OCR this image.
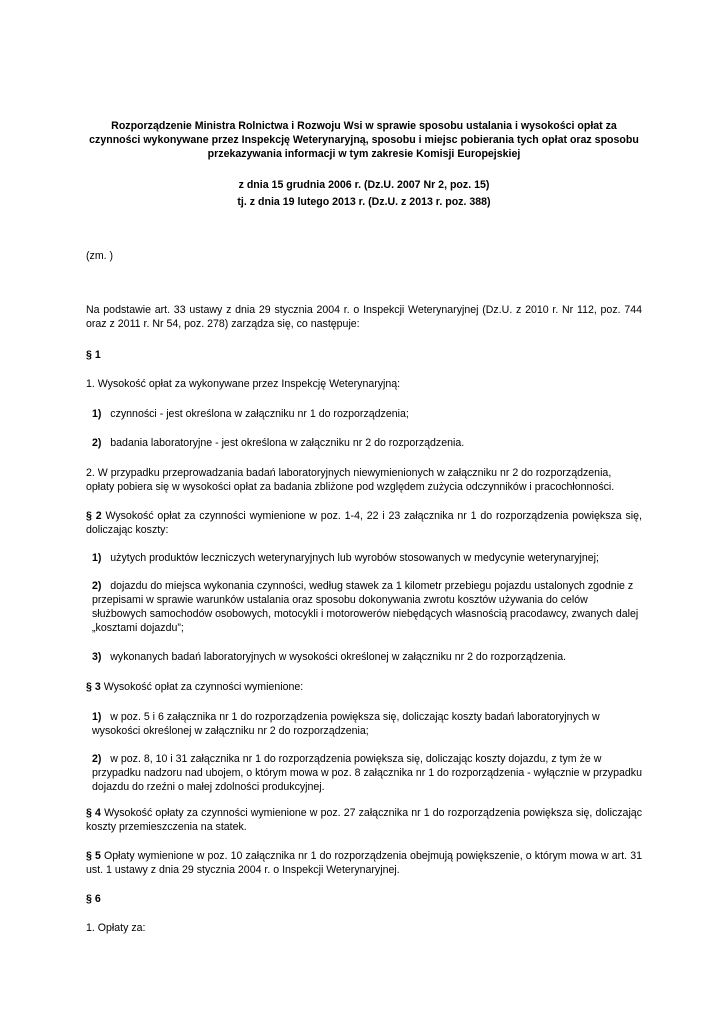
Rozporządzenie Ministra Rolnictwa i Rozwoju Wsi w sprawie sposobu ustalania i wysokości opłat za czynności wykonywane przez Inspekcję Weterynaryjną, sposobu i miejsc pobierania tych opłat oraz sposobu przekazywania informacji w tym zakresie Komisji Europejskiej

z dnia 15 grudnia 2006 r. (Dz.U. 2007 Nr 2, poz. 15)

tj. z dnia 19 lutego 2013 r. (Dz.U. z 2013 r. poz. 388)

(zm. )

Na podstawie art. 33 ustawy z dnia 29 stycznia 2004 r. o Inspekcji Weterynaryjnej (Dz.U. z 2010 r. Nr 112, poz. 744 oraz z 2011 r. Nr 54, poz. 278) zarządza się, co następuje:

§ 1

1. Wysokość opłat za wykonywane przez Inspekcję Weterynaryjną:

1) czynności - jest określona w załączniku nr 1 do rozporządzenia;

2) badania laboratoryjne - jest określona w załączniku nr 2 do rozporządzenia.

2. W przypadku przeprowadzania badań laboratoryjnych niewymienionych w załączniku nr 2 do rozporządzenia, opłaty pobiera się w wysokości opłat za badania zbliżone pod względem zużycia odczynników i pracochłonności.

§ 2 Wysokość opłat za czynności wymienione w poz. 1-4, 22 i 23 załącznika nr 1 do rozporządzenia powiększa się, doliczając koszty:

1) użytych produktów leczniczych weterynaryjnych lub wyrobów stosowanych w medycynie weterynaryjnej;

2) dojazdu do miejsca wykonania czynności, według stawek za 1 kilometr przebiegu pojazdu ustalonych zgodnie z przepisami w sprawie warunków ustalania oraz sposobu dokonywania zwrotu kosztów używania do celów służbowych samochodów osobowych, motocykli i motorowerów niebędących własnością pracodawcy, zwanych dalej „kosztami dojazdu”;

3) wykonanych badań laboratoryjnych w wysokości określonej w załączniku nr 2 do rozporządzenia.

§ 3 Wysokość opłat za czynności wymienione:

1) w poz. 5 i 6 załącznika nr 1 do rozporządzenia powiększa się, doliczając koszty badań laboratoryjnych w wysokości określonej w załączniku nr 2 do rozporządzenia;

2) w poz. 8, 10 i 31 załącznika nr 1 do rozporządzenia powiększa się, doliczając koszty dojazdu, z tym że w przypadku nadzoru nad ubojem, o którym mowa w poz. 8 załącznika nr 1 do rozporządzenia - wyłącznie w przypadku dojazdu do rzeźni o małej zdolności produkcyjnej.

§ 4 Wysokość opłaty za czynności wymienione w poz. 27 załącznika nr 1 do rozporządzenia powiększa się, doliczając koszty przemieszczenia na statek.

§ 5 Opłaty wymienione w poz. 10 załącznika nr 1 do rozporządzenia obejmują powiększenie, o którym mowa w art. 31 ust. 1 ustawy z dnia 29 stycznia 2004 r. o Inspekcji Weterynaryjnej.

§ 6

1. Opłaty za:
